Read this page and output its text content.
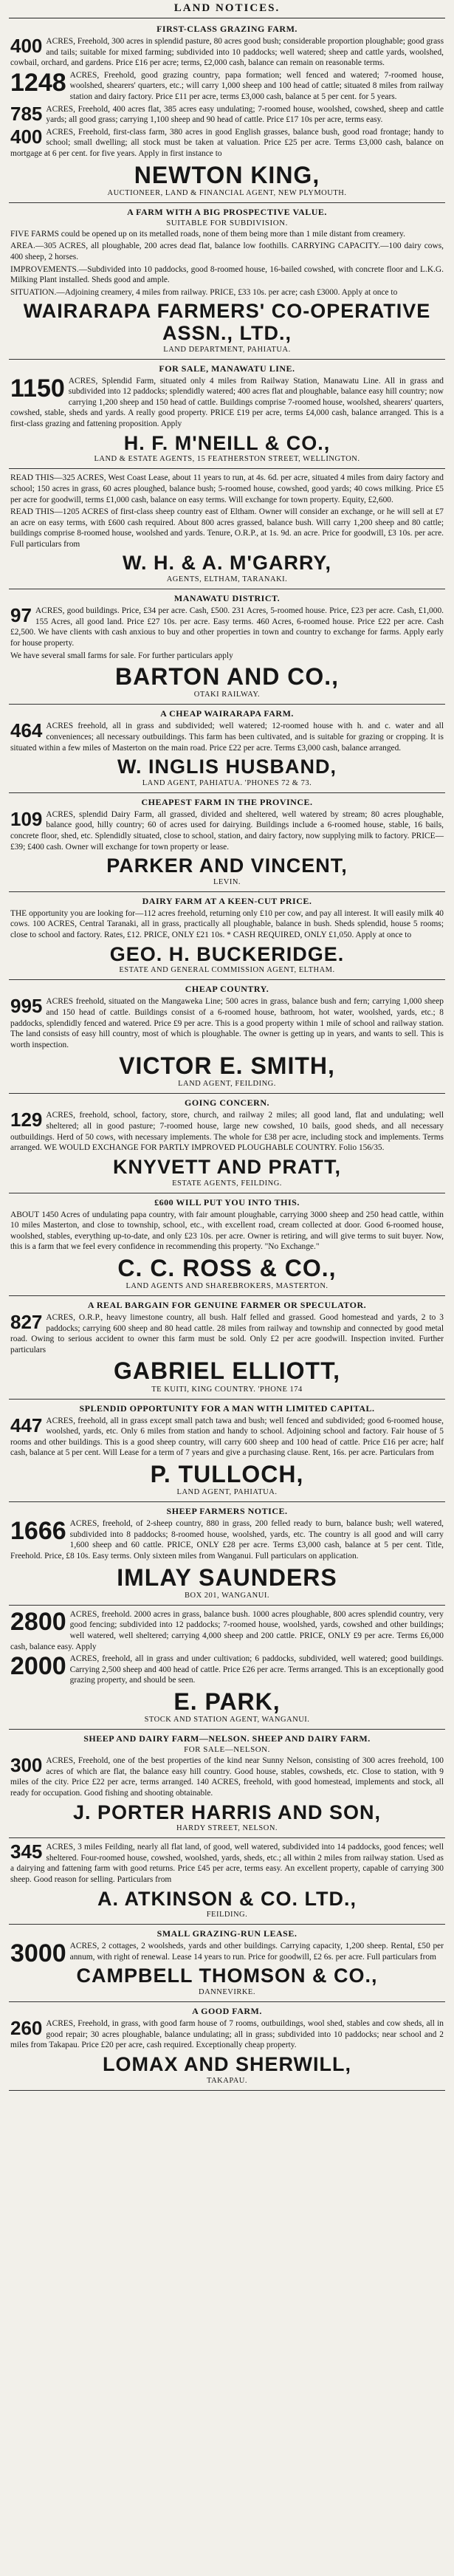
LAND NOTICES.
FIRST-CLASS GRAZING FARM.

400 ACRES, Freehold, 300 acres in splendid pasture, 80 acres good bush; considerable proportion ploughable; good grass and tails; suitable for mixed farming; subdivided into 10 paddocks; well watered; sheep and cattle yards, woolshed, cowbail, orchard, and gardens. Price £16 per acre; terms, £2,000 cash, balance can remain on reasonable terms.

1248 ACRES, Freehold, good grazing country, papa formation; well fenced and watered; 7-roomed house, woolshed, shearers' quarters, etc.; will carry 1,000 sheep and 100 head of cattle; situated 8 miles from railway station and dairy factory. Price £11 per acre, terms £3,000 cash, balance at 5 per cent. for 5 years.

785 ACRES, Freehold, 400 acres flat, 385 acres easy undulating; 7-roomed house, woolshed, cowshed, sheep and cattle yards; all good grass; carrying 1,100 sheep and 90 head of cattle. Price £17 10s per acre, terms easy.

400 ACRES, Freehold, first-class farm, 380 acres in good English grasses, balance bush, good road frontage; handy to school; small dwelling; all stock must be taken at valuation. Price £25 per acre. Terms £3,000 cash, balance on mortgage at 6 per cent. for five years. Apply in first instance to

NEWTON KING,
AUCTIONEER, LAND & FINANCIAL AGENT, NEW PLYMOUTH.
A FARM WITH A BIG PROSPECTIVE VALUE.
SUITABLE FOR SUBDIVISION.

FIVE FARMS could be opened up on its metalled roads, none of them being more than 1 mile distant from creamery.

AREA.—305 ACRES, all ploughable, 200 acres dead flat, balance low foothills. CARRYING CAPACITY.—100 dairy cows, 400 sheep, 2 horses.

IMPROVEMENTS.—Subdivided into 10 paddocks, good 8-roomed house, 16-bailed cowshed, with concrete floor and L.K.G. Milking Plant installed. Sheds good and ample.

SITUATION.—Adjoining creamery, 4 miles from railway. PRICE, £33 10s. per acre; cash £3000. Apply at once to

WAIRARAPA FARMERS' CO-OPERATIVE ASSN., LTD.,
LAND DEPARTMENT, PAHIATUA.
FOR SALE, MANAWATU LINE.

1150 ACRES, Splendid Farm, situated only 4 miles from Railway Station, Manawatu Line. All in grass and subdivided into 12 paddocks; splendidly watered; 400 acres flat and ploughable, balance easy hill country; now carrying 1,200 sheep and 150 head of cattle. Buildings comprise 7-roomed house, woolshed, shearers' quarters, cowshed, stable, sheds and yards. A really good property. PRICE £19 per acre, terms £4,000 cash, balance arranged. This is a first-class grazing and fattening proposition. Apply

H. F. M'NEILL & CO.,
LAND & ESTATE AGENTS, 15 FEATHERSTON STREET, WELLINGTON.

READ THIS—325 ACRES, West Coast Lease, about 11 years to run, at 4s. 6d. per acre, situated 4 miles from dairy factory and school; 150 acres in grass, 60 acres ploughed, balance bush; 5-roomed house, cowshed, good yards; 40 cows milking. Price £5 per acre for goodwill, terms £1,000 cash, balance on easy terms. Will exchange for town property. Equity, £2,600.

READ THIS—1205 ACRES of first-class sheep country east of Eltham. Owner will consider an exchange, or he will sell at £7 an acre on easy terms, with £600 cash required. About 800 acres grassed, balance bush. Will carry 1,200 sheep and 80 cattle; buildings comprise 8-roomed house, woolshed and yards. Tenure, O.R.P., at 1s. 9d. an acre. Price for goodwill, £3 10s. per acre. Full particulars from

W. H. & A. M'GARRY,
AGENTS, ELTHAM, TARANAKI.
MANAWATU DISTRICT.

97 ACRES, good buildings. Price, £34 per acre. Cash, £500. 231 Acres, 5-roomed house. Price, £23 per acre. Cash, £1,000. 155 Acres, all good land. Price £27 10s. per acre. Easy terms. 460 Acres, 6-roomed house. Price £22 per acre. Cash £2,500. We have clients with cash anxious to buy and other properties in town and country to exchange for farms. Apply early for house property.

We have several small farms for sale. For further particulars apply

BARTON AND CO.,
OTAKI RAILWAY.
A CHEAP WAIRARAPA FARM.

464 ACRES freehold, all in grass and subdivided; well watered; 12-roomed house with h. and c. water and all conveniences; all necessary outbuildings. This farm has been cultivated, and is suitable for grazing or cropping. It is situated within a few miles of Masterton on the main road. Price £22 per acre. Terms £3,000 cash, balance arranged.

W. INGLIS HUSBAND,
LAND AGENT, PAHIATUA. 'PHONES 72 & 73.
CHEAPEST FARM IN THE PROVINCE.

109 ACRES, splendid Dairy Farm, all grassed, divided and sheltered, well watered by stream; 80 acres ploughable, balance good, hilly country; 60 of acres used for dairying. Buildings include a 6-roomed house, stable, 16 bails, concrete floor, shed, etc. Splendidly situated, close to school, station, and dairy factory, now supplying milk to factory. PRICE—£39; £400 cash. Owner will exchange for town property or lease.

PARKER AND VINCENT,
LEVIN.
DAIRY FARM AT A KEEN-CUT PRICE.

THE opportunity you are looking for—112 acres freehold, returning only £10 per cow, and pay all interest. It will easily milk 40 cows. 100 ACRES, Central Taranaki, all in grass, practically all ploughable, balance in bush. Sheds splendid, house 5 rooms; close to school and factory. Rates, £12. PRICE, ONLY £21 10s. * CASH REQUIRED, ONLY £1,050. Apply at once to

GEO. H. BUCKERIDGE.
ESTATE AND GENERAL COMMISSION AGENT, ELTHAM.
CHEAP COUNTRY.

995 ACRES freehold, situated on the Mangaweka Line; 500 acres in grass, balance bush and fern; carrying 1,000 sheep and 150 head of cattle. Buildings consist of a 6-roomed house, bathroom, hot water, woolshed, yards, etc.; 8 paddocks, splendidly fenced and watered. Price £9 per acre. This is a good property within 1 mile of school and railway station. The land consists of easy hill country, most of which is ploughable. The owner is getting up in years, and wants to sell. This is worth inspection.

VICTOR E. SMITH,
LAND AGENT, FEILDING.
GOING CONCERN.

129 ACRES, freehold, school, factory, store, church, and railway 2 miles; all good land, flat and undulating; well sheltered; all in good pasture; 7-roomed house, large new cowshed, 10 bails, good sheds, and all necessary outbuildings. Herd of 50 cows, with necessary implements. The whole for £38 per acre, including stock and implements. Terms arranged. WE WOULD EXCHANGE FOR PARTLY IMPROVED PLOUGHABLE COUNTRY. Folio 156/35.

KNYVETT AND PRATT,
ESTATE AGENTS, FEILDING.
£600 WILL PUT YOU INTO THIS.

ABOUT 1450 Acres of undulating papa country, with fair amount ploughable, carrying 3000 sheep and 250 head cattle, within 10 miles Masterton, and close to township, school, etc., with excellent road, cream collected at door. Good 6-roomed house, woolshed, stables, everything up-to-date, and only £23 10s. per acre. Owner is retiring, and will give terms to suit buyer. Now, this is a farm that we feel every confidence in recommending this property. "No Exchange."

C. C. ROSS & CO.,
LAND AGENTS AND SHAREBROKERS, MASTERTON.
A REAL BARGAIN FOR GENUINE FARMER OR SPECULATOR.

827 ACRES, O.R.P., heavy limestone country, all bush. Half felled and grassed. Good homestead and yards, 2 to 3 paddocks; carrying 600 sheep and 80 head cattle. 28 miles from railway and township and connected by good metal road. Owing to serious accident to owner this farm must be sold. Only £2 per acre goodwill. Inspection invited. Further particulars

GABRIEL ELLIOTT,
TE KUITI, KING COUNTRY. 'PHONE 174
SPLENDID OPPORTUNITY FOR A MAN WITH LIMITED CAPITAL.

447 ACRES, freehold, all in grass except small patch tawa and bush; well fenced and subdivided; good 6-roomed house, woolshed, yards, etc. Only 6 miles from station and handy to school. Adjoining school and factory. Fair house of 5 rooms and other buildings. This is a good sheep country, will carry 600 sheep and 100 head of cattle. Price £16 per acre; half cash, balance at 5 per cent. Will Lease for a term of 7 years and give a purchasing clause. Rent, 16s. per acre. Particulars from

P. TULLOCH,
LAND AGENT, PAHIATUA.
SHEEP FARMERS NOTICE.

1666 ACRES, freehold, of 2-sheep country, 880 in grass, 200 felled ready to burn, balance bush; well watered, subdivided into 8 paddocks; 8-roomed house, woolshed, yards, etc. The country is all good and will carry 1,600 sheep and 60 cattle. PRICE, ONLY £28 per acre. Terms £3,000 cash, balance at 5 per cent. Title, Freehold. Price, £8 10s. Easy terms. Only sixteen miles from Wanganui. Full particulars on application.

IMLAY SAUNDERS
BOX 201, WANGANUI.

2800 ACRES, freehold. 2000 acres in grass, balance bush. 1000 acres ploughable, 800 acres splendid country, very good fencing; subdivided into 12 paddocks; 7-roomed house, woolshed, yards, cowshed and other buildings; well watered, well sheltered; carrying 4,000 sheep and 200 cattle. PRICE, ONLY £9 per acre. Terms £6,000 cash, balance easy. Apply

2000 ACRES, freehold, all in grass and under cultivation; 6 paddocks, subdivided, well watered; good buildings. Carrying 2,500 sheep and 400 head of cattle. Price £26 per acre. Terms arranged. This is an exceptionally good grazing property, and should be seen.

E. PARK,
STOCK AND STATION AGENT, WANGANUI.
SHEEP AND DAIRY FARM—NELSON. SHEEP AND DAIRY FARM.
FOR SALE—NELSON.

300 ACRES, Freehold, one of the best properties of the kind near Sunny Nelson, consisting of 300 acres freehold, 100 acres of which are flat, the balance easy hill country. Good house, stables, cowsheds, etc. Close to station, with 9 miles of the city. Price £22 per acre, terms arranged. 140 ACRES, freehold, with good homestead, implements and stock, all ready for occupation. Good fishing and shooting obtainable.

J. PORTER HARRIS AND SON,
HARDY STREET, NELSON.

345 ACRES, 3 miles Feilding, nearly all flat land, of good, well watered, subdivided into 14 paddocks, good fences; well sheltered. Four-roomed house, cowshed, woolshed, yards, sheds, etc.; all within 2 miles from railway station. Used as a dairying and fattening farm with good returns. Price £45 per acre, terms easy. An excellent property, capable of carrying 300 sheep. Good reason for selling. Particulars from

A. ATKINSON & CO. LTD.,
FEILDING.
SMALL GRAZING-RUN LEASE.

3000 ACRES, 2 cottages, 2 woolsheds, yards and other buildings. Carrying capacity, 1,200 sheep. Rental, £50 per annum, with right of renewal. Lease 14 years to run. Price for goodwill, £2 6s. per acre. Full particulars from

CAMPBELL THOMSON & CO.,
DANNEVIRKE.
A GOOD FARM.

260 ACRES, Freehold, in grass, with good farm house of 7 rooms, outbuildings, wool shed, stables and cow sheds, all in good repair; 30 acres ploughable, balance undulating; all in grass; subdivided into 10 paddocks; near school and 2 miles from Takapau. Price £20 per acre, cash required. Exceptionally cheap property.

LOMAX AND SHERWILL,
TAKAPAU.
